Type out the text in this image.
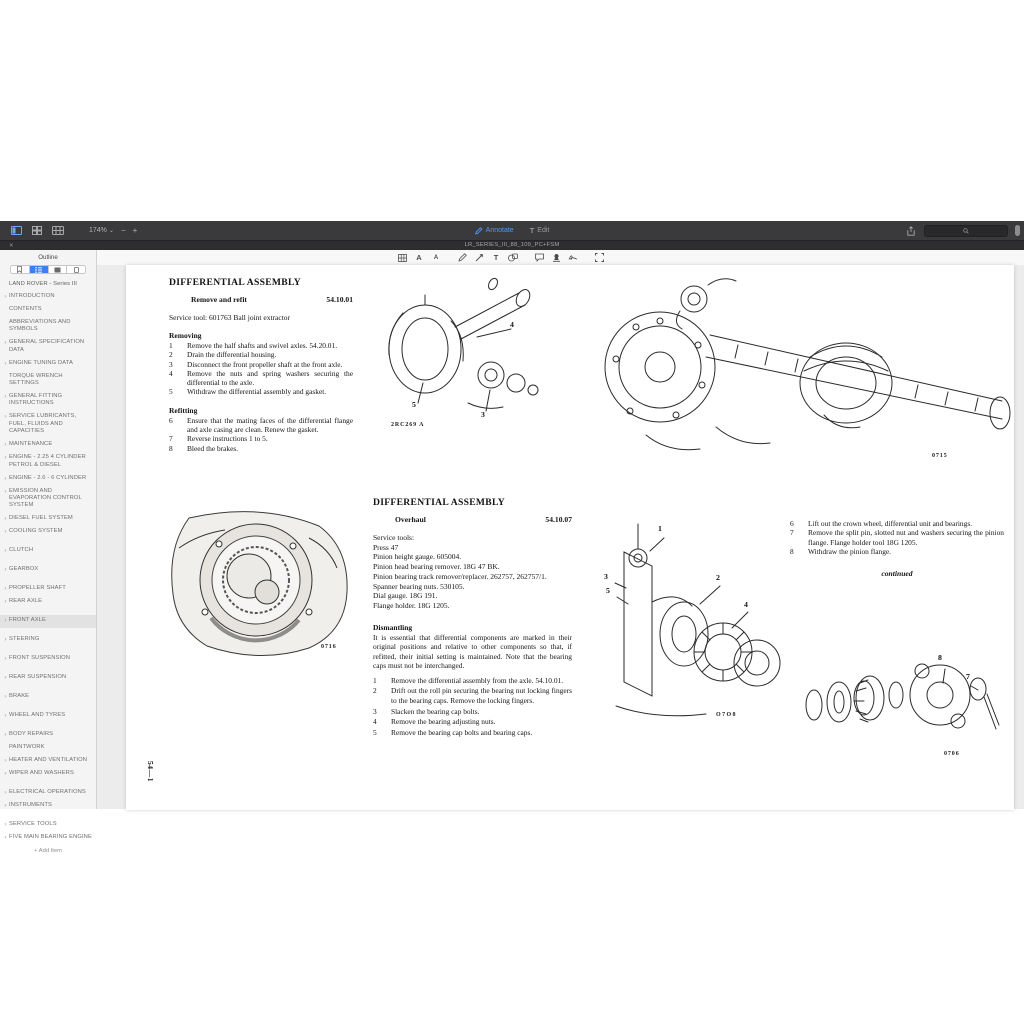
174% ⌄ − +	Annotate T Edit
✕	LR_SERIES_III_88_109_PC+FSM
Outline
LAND ROVER - Series III
› INTRODUCTION
CONTENTS
ABBREVIATIONS AND SYMBOLS
› GENERAL SPECIFICATION DATA
› ENGINE TUNING DATA
TORQUE WRENCH SETTINGS
› GENERAL FITTING INSTRUCTIONS
› SERVICE LUBRICANTS, FUEL, FLUIDS AND CAPACITIES
› MAINTENANCE
› ENGINE - 2.25 4 CYLINDER PETROL & DIESEL
› ENGINE - 2.6 - 6 CYLINDER
› EMISSION AND EVAPORATION CONTROL SYSTEM
› DIESEL FUEL SYSTEM
› COOLING SYSTEM
› CLUTCH
› GEARBOX
› PROPELLER SHAFT
› REAR AXLE
› FRONT AXLE
› STEERING
› FRONT SUSPENSION
› REAR SUSPENSION
› BRAKE
› WHEEL AND TYRES
› BODY REPAIRS
PAINTWORK
› HEATER AND VENTILATION
› WIPER AND WASHERS
› ELECTRICAL OPERATIONS
› INSTRUMENTS
› SERVICE TOOLS
› FIVE MAIN BEARING ENGINE
+ Add Item
A A	T
DIFFERENTIAL ASSEMBLY
Remove and refit	54.10.01
Service tool: 601763 Ball joint extractor
Removing
1	Remove the half shafts and swivel axles. 54.20.01.
2	Drain the differential housing.
3	Disconnect the front propeller shaft at the front axle.
4	Remove the nuts and spring washers securing the differential to the axle.
5	Withdraw the differential assembly and gasket.
Refitting
6	Ensure that the mating faces of the differential flange and axle casing are clean. Renew the gasket.
7	Reverse instructions 1 to 5.
8	Bleed the brakes.
4
5
3
2RC269 A
0715
0716
DIFFERENTIAL ASSEMBLY
Overhaul	54.10.07
Service tools:
Press 47
Pinion height gauge. 605004.
Pinion head bearing remover. 18G 47 BK.
Pinion bearing track remover/replacer. 262757, 262757/1.
Spanner bearing nuts. 530105.
Dial gauge. 18G 191.
Flange holder. 18G 1205.
Dismantling
It is essential that differential components are marked in their original positions and relative to other components so that, if refitted, their initial setting is maintained. Note that the bearing caps must not be interchanged.
1	Remove the differential assembly from the axle. 54.10.01.
2	Drift out the roll pin securing the bearing nut locking fingers to the bearing caps. Remove the locking fingers.
3	Slacken the bearing cap bolts.
4	Remove the bearing adjusting nuts.
5	Remove the bearing cap bolts and bearing caps.
1
2
3
4
5
O7O8
6	Lift out the crown wheel, differential unit and bearings.
7	Remove the split pin, slotted nut and washers securing the pinion flange. Flange holder tool 18G 1205.
8	Withdraw the pinion flange.
continued
8
7
0706
54—1
